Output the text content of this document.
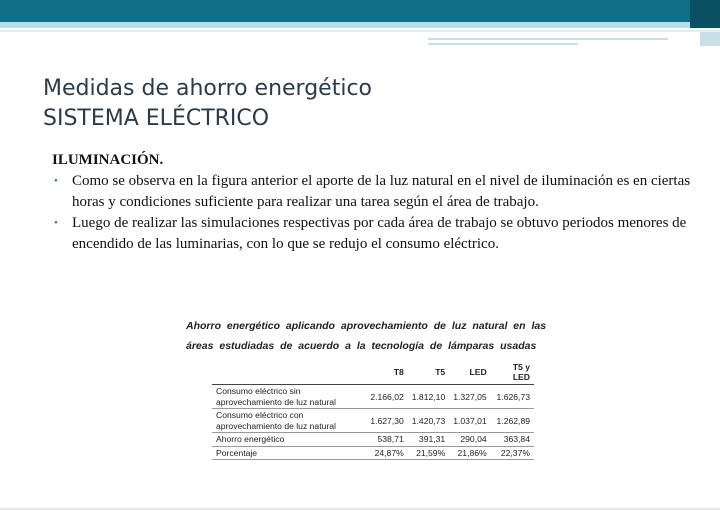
Medidas de ahorro energético
SISTEMA ELÉCTRICO
ILUMINACIÓN.
• Como se observa en la figura anterior el aporte de la luz natural en el nivel de iluminación es en ciertas horas y condiciones suficiente para realizar una tarea según el área de trabajo.
• Luego de realizar las simulaciones respectivas por cada área de trabajo se obtuvo periodos menores de encendido de las luminarias, con lo que se redujo el consumo eléctrico.
Ahorro energético aplicando aprovechamiento de luz natural en las áreas estudiadas de acuerdo a la tecnología de lámparas usadas
	T8	T5	LED	T5 y LED
Consumo eléctrico sin aprovechamiento de luz natural	2.166,02	1.812,10	1.327,05	1.626,73
Consumo eléctrico con aprovechamiento de luz natural	1.627,30	1.420,73	1.037,01	1.262,89
Ahorro energético	538,71	391,31	290,04	363,84
Porcentaje	24,87%	21,59%	21,86%	22,37%
